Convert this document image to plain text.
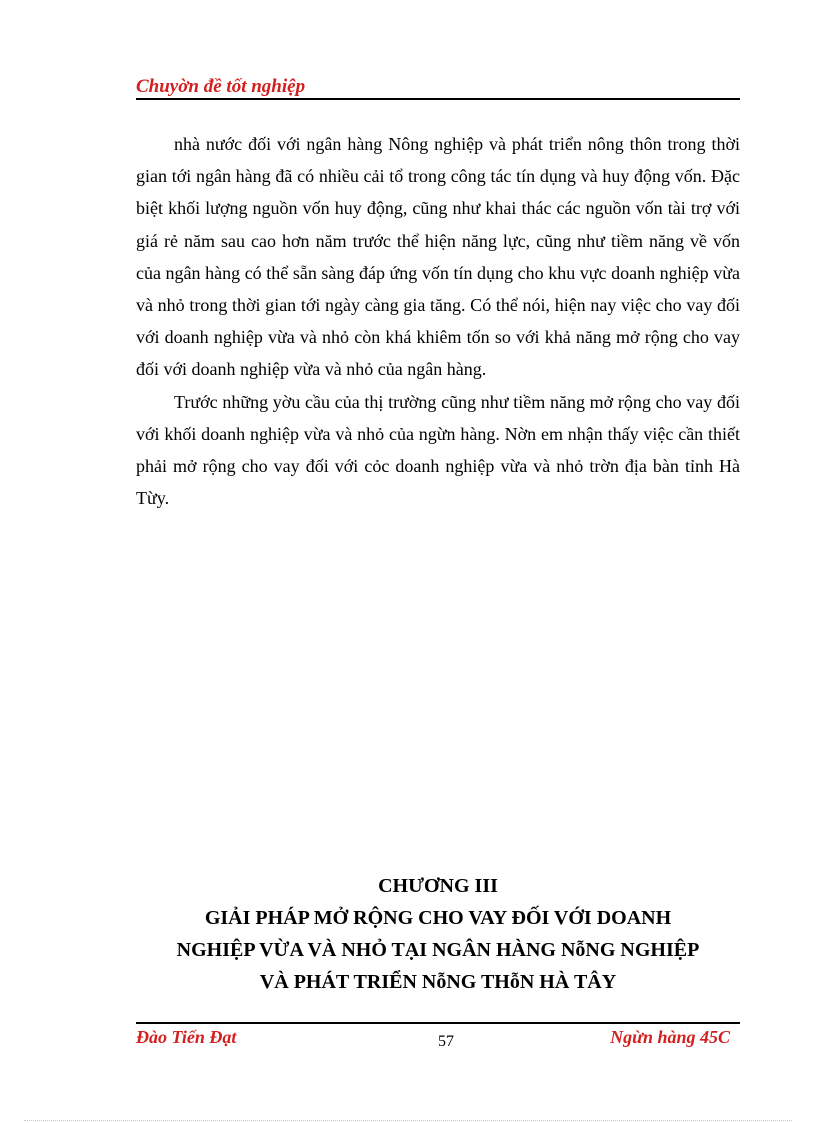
Chuyờn đề tốt nghiệp

nhà nước đối với ngân hàng Nông nghiệp và phát triển nông thôn trong thời gian tới ngân hàng đã có nhiều cải tổ trong công tác tín dụng và huy động vốn. Đặc biệt khối lượng nguồn vốn huy động, cũng như khai thác các nguồn vốn tài trợ với giá rẻ năm sau cao hơn năm trước thể hiện năng lực, cũng như tiềm năng về vốn của ngân hàng có thể sẵn sàng đáp ứng vốn tín dụng cho khu vực doanh nghiệp vừa và nhỏ trong thời gian tới ngày càng gia tăng. Có thể nói, hiện nay việc cho vay đối với doanh nghiệp vừa và nhỏ còn khá khiêm tốn so với khả năng mở rộng cho vay đối với doanh nghiệp vừa và nhỏ của ngân hàng.

Trước những yờu cầu của thị trường cũng như tiềm năng mở rộng cho vay đối với khối doanh nghiệp vừa và nhỏ của ngừn hàng. Nờn em nhận thấy việc cần thiết phải mở rộng cho vay đối với cỏc doanh nghiệp vừa và nhỏ trờn địa bàn tỉnh Hà Từy.

CHƯƠNG III
GIẢI PHÁP MỞ RỘNG CHO VAY ĐỐI VỚI DOANH
NGHIỆP VỪA VÀ NHỎ TẠI NGÂN HÀNG NỗNG NGHIỆP
VÀ PHÁT TRIỂN NỗNG THỗN HÀ TÂY
Đào Tiến Đạt	57	Ngừn hàng 45C
